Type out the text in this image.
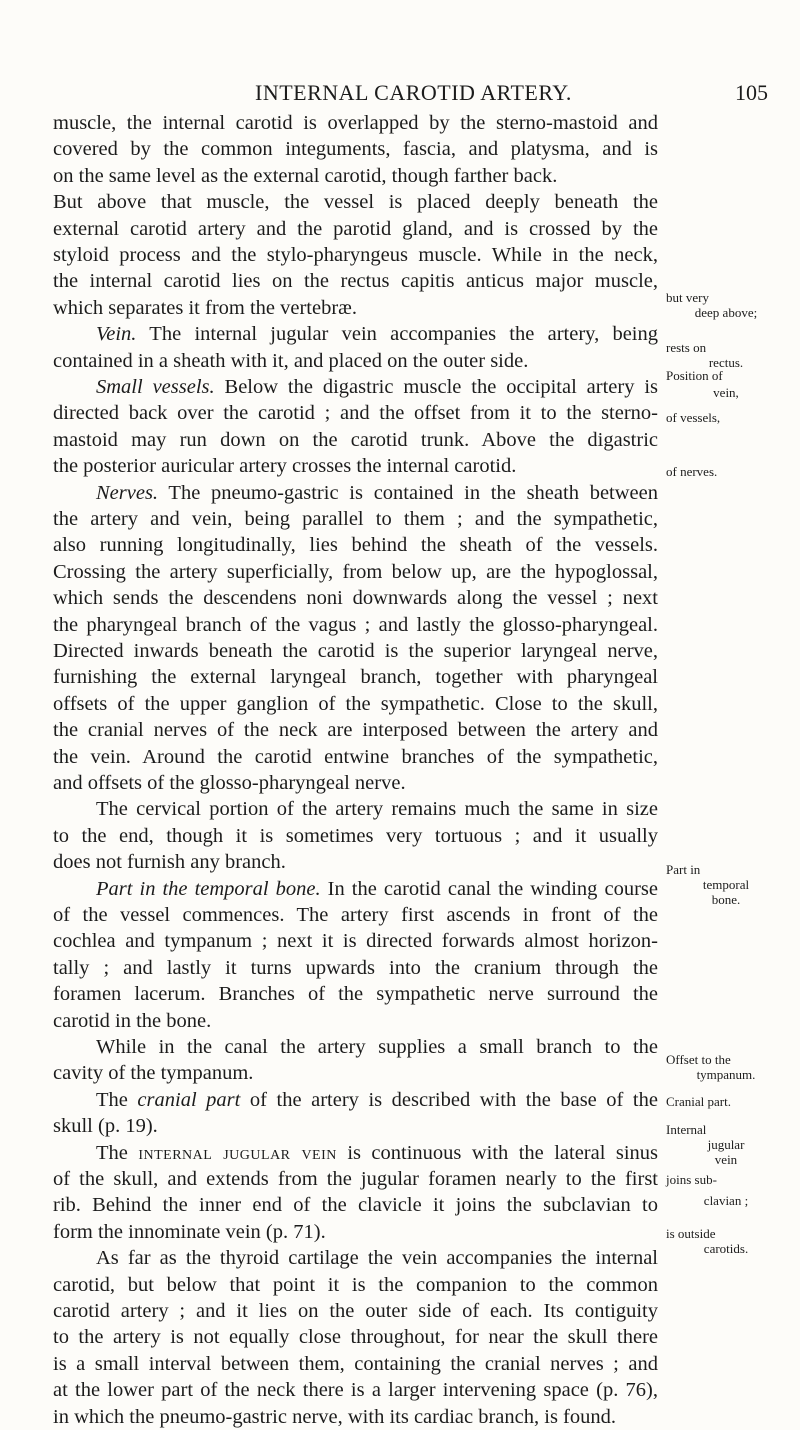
INTERNAL CAROTID ARTERY.	105
muscle, the internal carotid is overlapped by the sterno-mastoid and
covered by the common integuments, fascia, and platysma, and is
on the same level as the external carotid, though farther back.
But above that muscle, the vessel is placed deeply beneath the
external carotid artery and the parotid gland, and is crossed by the
styloid process and the stylo-pharyngeus muscle. While in the neck,
the internal carotid lies on the rectus capitis anticus major muscle,
which separates it from the vertebræ.
Vein. The internal jugular vein accompanies the artery, being
contained in a sheath with it, and placed on the outer side.
Small vessels. Below the digastric muscle the occipital artery is
directed back over the carotid ; and the offset from it to the sterno-
mastoid may run down on the carotid trunk. Above the digastric
the posterior auricular artery crosses the internal carotid.
Nerves. The pneumo-gastric is contained in the sheath between
the artery and vein, being parallel to them ; and the sympathetic,
also running longitudinally, lies behind the sheath of the vessels.
Crossing the artery superficially, from below up, are the hypoglossal,
which sends the descendens noni downwards along the vessel ; next
the pharyngeal branch of the vagus ; and lastly the glosso-pharyngeal.
Directed inwards beneath the carotid is the superior laryngeal nerve,
furnishing the external laryngeal branch, together with pharyngeal
offsets of the upper ganglion of the sympathetic. Close to the skull,
the cranial nerves of the neck are interposed between the artery and
the vein. Around the carotid entwine branches of the sympathetic,
and offsets of the glosso-pharyngeal nerve.
The cervical portion of the artery remains much the same in size
to the end, though it is sometimes very tortuous ; and it usually
does not furnish any branch.
Part in the temporal bone. In the carotid canal the winding course
of the vessel commences. The artery first ascends in front of the
cochlea and tympanum ; next it is directed forwards almost horizon-
tally ; and lastly it turns upwards into the cranium through the
foramen lacerum. Branches of the sympathetic nerve surround the
carotid in the bone.
While in the canal the artery supplies a small branch to the
cavity of the tympanum.
The cranial part of the artery is described with the base of the
skull (p. 19).
The internal jugular vein is continuous with the lateral sinus
of the skull, and extends from the jugular foramen nearly to the first
rib. Behind the inner end of the clavicle it joins the subclavian to
form the innominate vein (p. 71).
As far as the thyroid cartilage the vein accompanies the internal
carotid, but below that point it is the companion to the common
carotid artery ; and it lies on the outer side of each. Its contiguity
to the artery is not equally close throughout, for near the skull there
is a small interval between them, containing the cranial nerves ; and
at the lower part of the neck there is a larger intervening space (p. 76),
in which the pneumo-gastric nerve, with its cardiac branch, is found.
but very
deep above;
rests on
rectus.
Position of
vein,
of vessels,
of nerves.
Part in
temporal
bone.
Offset to the
tympanum.
Cranial part.
Internal
jugular
vein
joins sub-
clavian ;
is outside
carotids.
